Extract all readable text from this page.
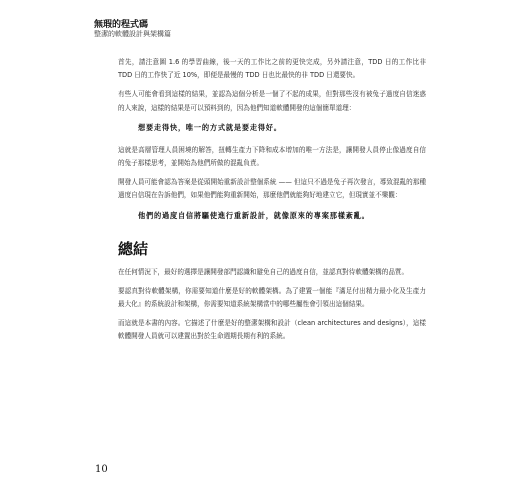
無瑕的程式碼
整潔的軟體設計與架構篇

首先，請注意圖 1.6 的學習曲線，後一天的工作比之前的更快完成，另外請注意，TDD 日的工作比非 TDD 日的工作快了近 10%，即便是最慢的 TDD 日也比最快的非 TDD 日還要快。

有些人可能會看到這樣的結果，並認為這個分析是一個了不起的成果，但對那些沒有被兔子過度自信迷惑的人來說，這樣的結果是可以預料到的，因為他們知道軟體開發的這個簡單道理：

想要走得快，唯一的方式就是要走得好。

這就是高層管理人員困境的解答，扭轉生產力下降和成本增加的唯一方法是，讓開發人員停止像過度自信的兔子那樣思考，並開始為他們所做的混亂負責。

開發人員可能會認為答案是從頭開始重新設計整個系統 —— 但這只不過是兔子再次發言，導致混亂的那種過度自信現在告訴他們，如果他們能夠重新開始，那麼他們就能夠好地建立它，但現實並不樂觀：

他們的過度自信將驅使進行重新設計，就像原來的專案那樣紊亂。

總結

在任何情況下，最好的選擇是讓開發部門認識和避免自己的過度自信，並認真對待軟體架構的品質。

要認真對待軟體架構，你需要知道什麼是好的軟體架構。為了建置一個能『滿足付出精力最小化及生產力最大化』的系統設計和架構，你需要知道系統架構當中的哪些屬性會引領出這個結果。

而這就是本書的內容。它描述了什麼是好的整潔架構和設計（clean architectures and designs），這樣軟體開發人員就可以建置出對於生命週期長期有利的系統。

10
